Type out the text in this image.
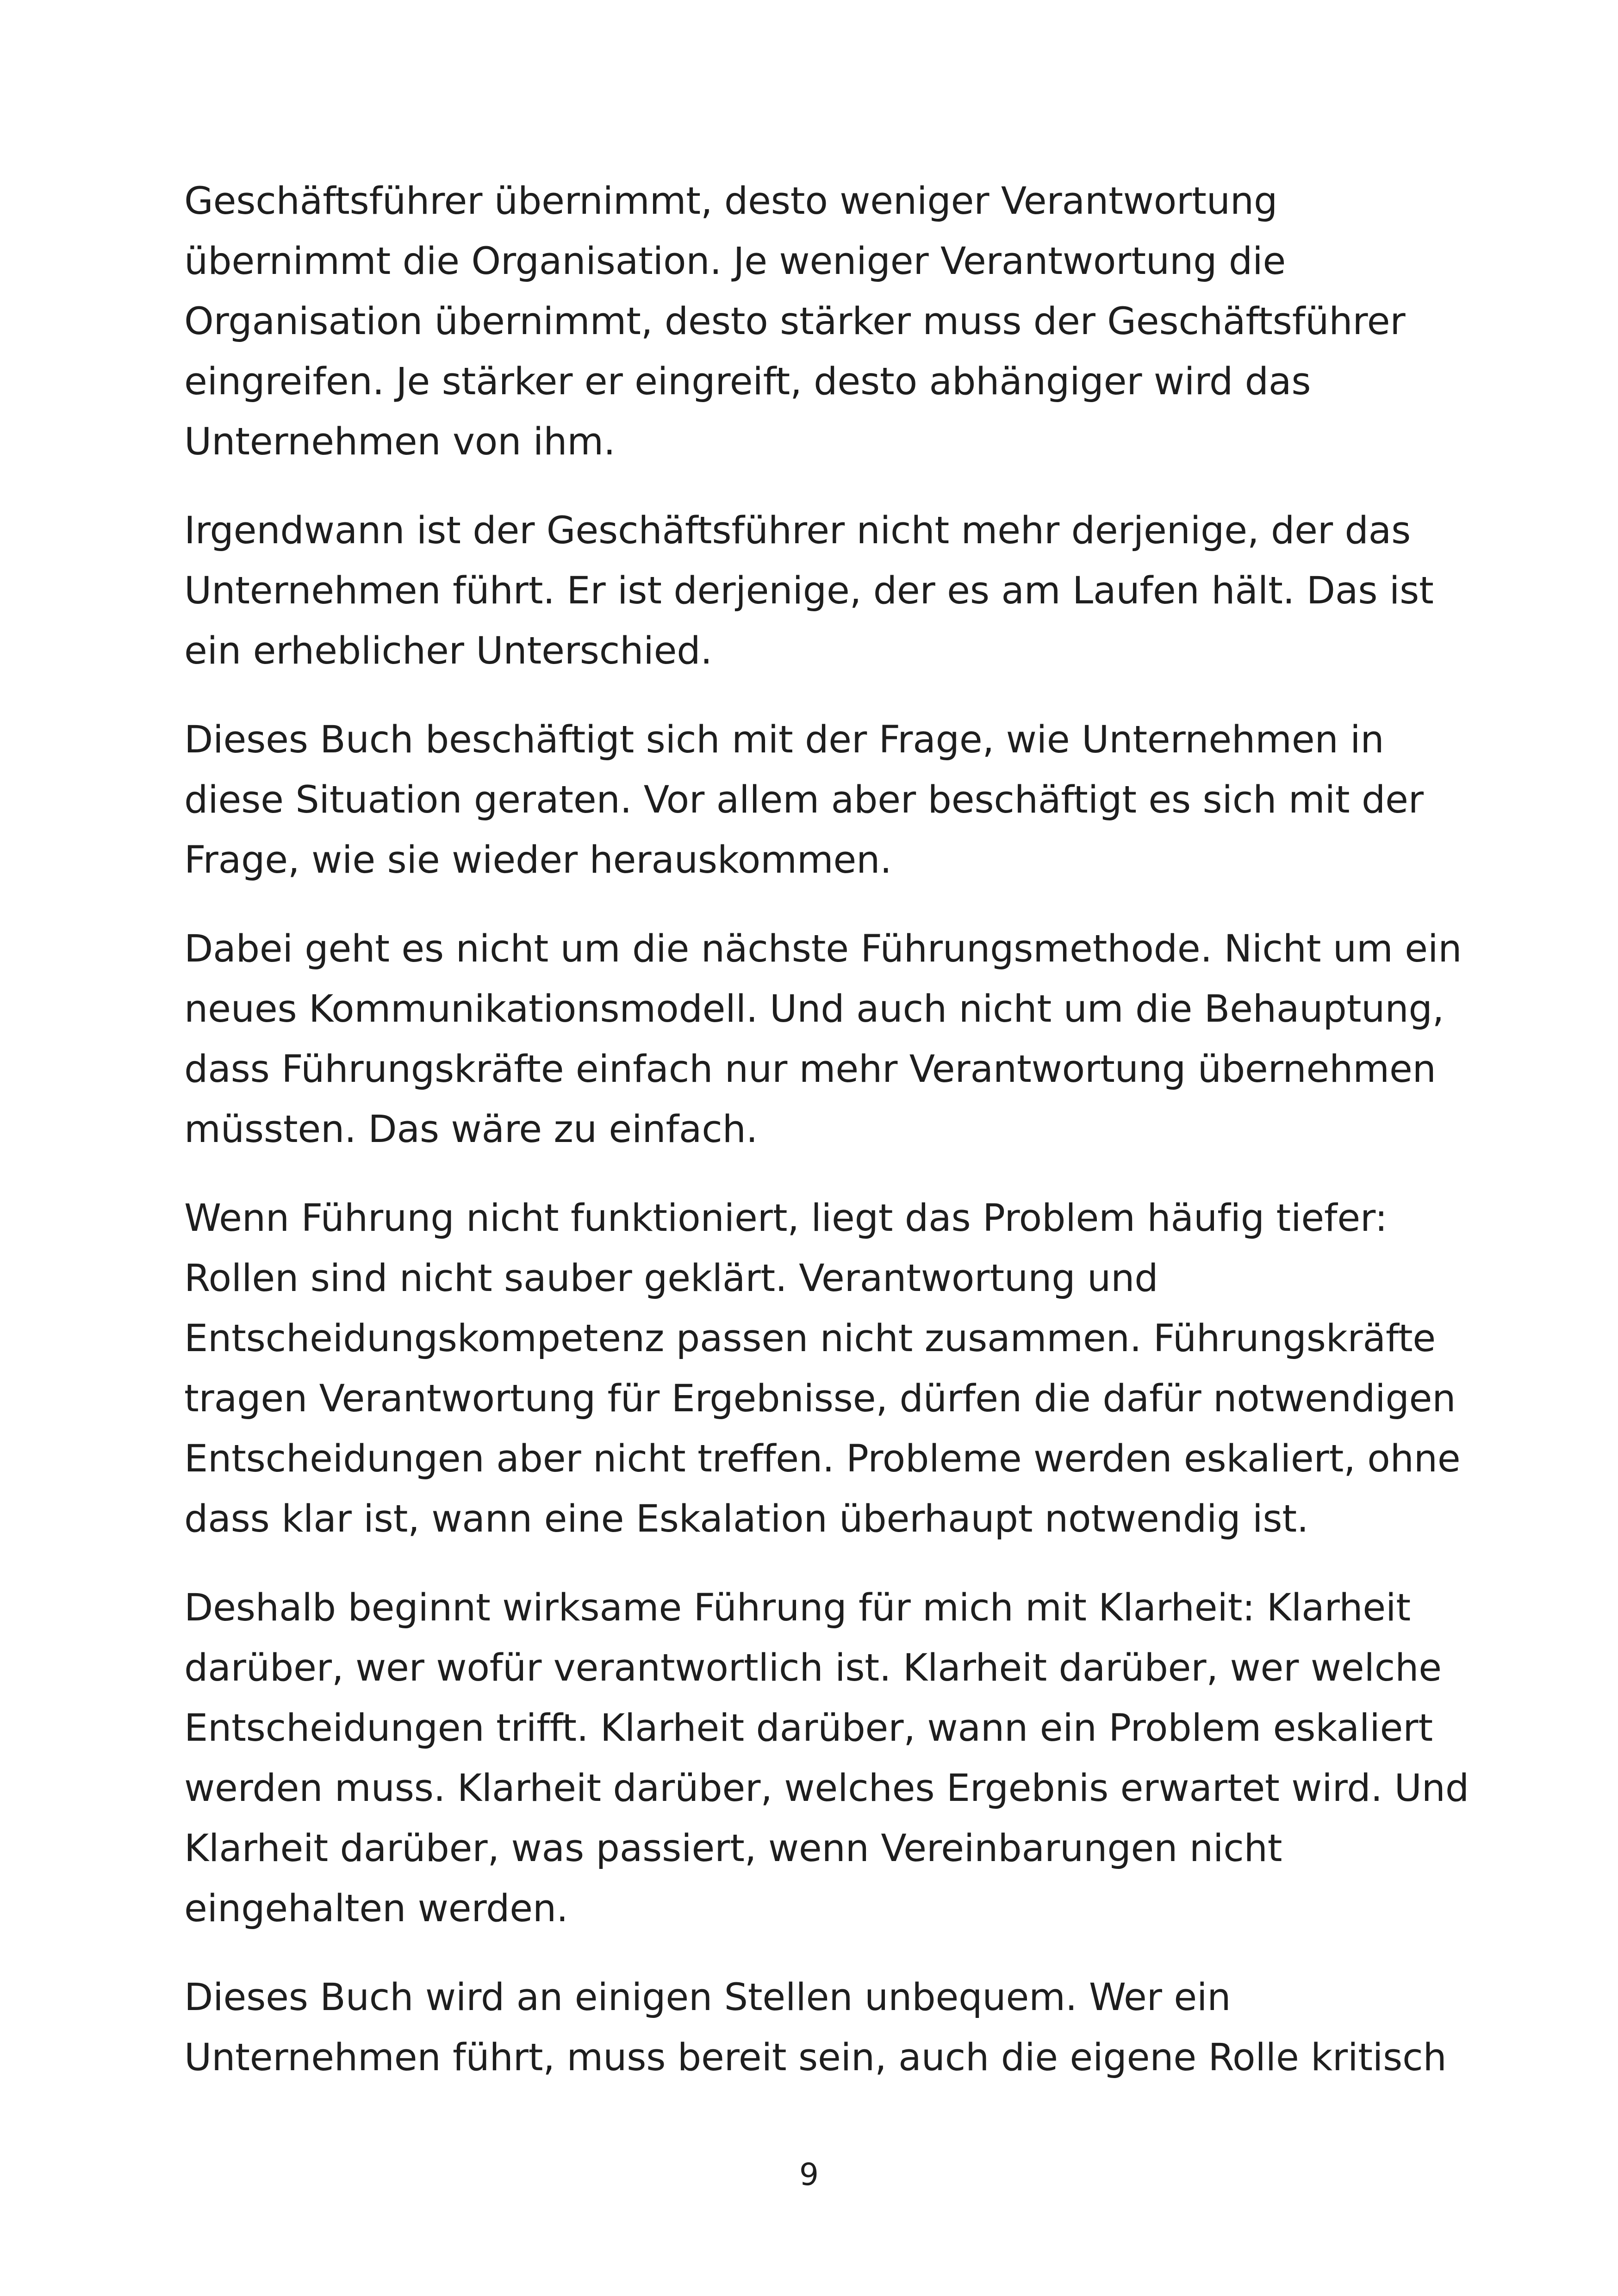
Geschäftsführer übernimmt, desto weniger Verantwortung
übernimmt die Organisation. Je weniger Verantwortung die
Organisation übernimmt, desto stärker muss der Geschäftsführer
eingreifen. Je stärker er eingreift, desto abhängiger wird das
Unternehmen von ihm.

Irgendwann ist der Geschäftsführer nicht mehr derjenige, der das
Unternehmen führt. Er ist derjenige, der es am Laufen hält. Das ist
ein erheblicher Unterschied.

Dieses Buch beschäftigt sich mit der Frage, wie Unternehmen in
diese Situation geraten. Vor allem aber beschäftigt es sich mit der
Frage, wie sie wieder herauskommen.

Dabei geht es nicht um die nächste Führungsmethode. Nicht um ein
neues Kommunikationsmodell. Und auch nicht um die Behauptung,
dass Führungskräfte einfach nur mehr Verantwortung übernehmen
müssten. Das wäre zu einfach.

Wenn Führung nicht funktioniert, liegt das Problem häufig tiefer:
Rollen sind nicht sauber geklärt. Verantwortung und
Entscheidungskompetenz passen nicht zusammen. Führungskräfte
tragen Verantwortung für Ergebnisse, dürfen die dafür notwendigen
Entscheidungen aber nicht treffen. Probleme werden eskaliert, ohne
dass klar ist, wann eine Eskalation überhaupt notwendig ist.

Deshalb beginnt wirksame Führung für mich mit Klarheit: Klarheit
darüber, wer wofür verantwortlich ist. Klarheit darüber, wer welche
Entscheidungen trifft. Klarheit darüber, wann ein Problem eskaliert
werden muss. Klarheit darüber, welches Ergebnis erwartet wird. Und
Klarheit darüber, was passiert, wenn Vereinbarungen nicht
eingehalten werden.

Dieses Buch wird an einigen Stellen unbequem. Wer ein
Unternehmen führt, muss bereit sein, auch die eigene Rolle kritisch

9
